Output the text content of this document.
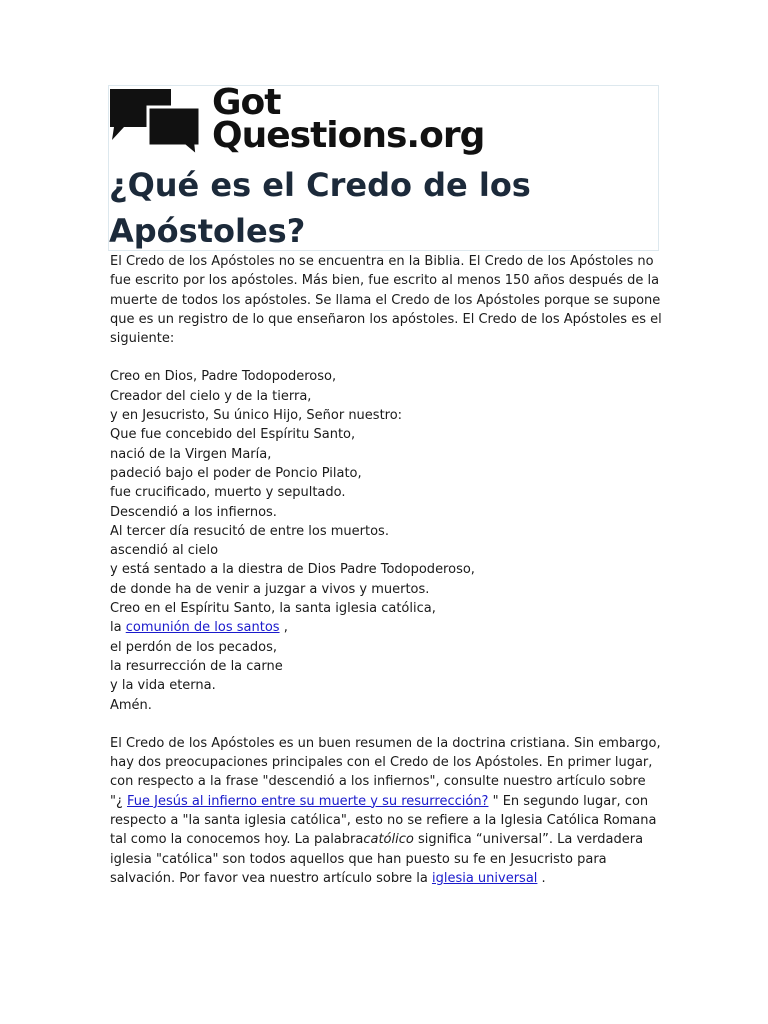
Got
Questions.org
¿Qué es el Credo de los Apóstoles?

El Credo de los Apóstoles no se encuentra en la Biblia. El Credo de los Apóstoles no fue escrito por los apóstoles. Más bien, fue escrito al menos 150 años después de la muerte de todos los apóstoles. Se llama el Credo de los Apóstoles porque se supone que es un registro de lo que enseñaron los apóstoles. El Credo de los Apóstoles es el siguiente:

Creo en Dios, Padre Todopoderoso,
Creador del cielo y de la tierra,
y en Jesucristo, Su único Hijo, Señor nuestro:
Que fue concebido del Espíritu Santo,
nació de la Virgen María,
padeció bajo el poder de Poncio Pilato,
fue crucificado, muerto y sepultado.
Descendió a los infiernos.
Al tercer día resucitó de entre los muertos.
ascendió al cielo
y está sentado a la diestra de Dios Padre Todopoderoso,
de donde ha de venir a juzgar a vivos y muertos.
Creo en el Espíritu Santo, la santa iglesia católica,
la comunión de los santos ,
el perdón de los pecados,
la resurrección de la carne
y la vida eterna.
Amén.

El Credo de los Apóstoles es un buen resumen de la doctrina cristiana. Sin embargo, hay dos preocupaciones principales con el Credo de los Apóstoles. En primer lugar, con respecto a la frase "descendió a los infiernos", consulte nuestro artículo sobre "¿ Fue Jesús al infierno entre su muerte y su resurrección? " En segundo lugar, con respecto a "la santa iglesia católica", esto no se refiere a la Iglesia Católica Romana tal como la conocemos hoy. La palabracatólico significa “universal”. La verdadera iglesia "católica" son todos aquellos que han puesto su fe en Jesucristo para salvación. Por favor vea nuestro artículo sobre la iglesia universal .
